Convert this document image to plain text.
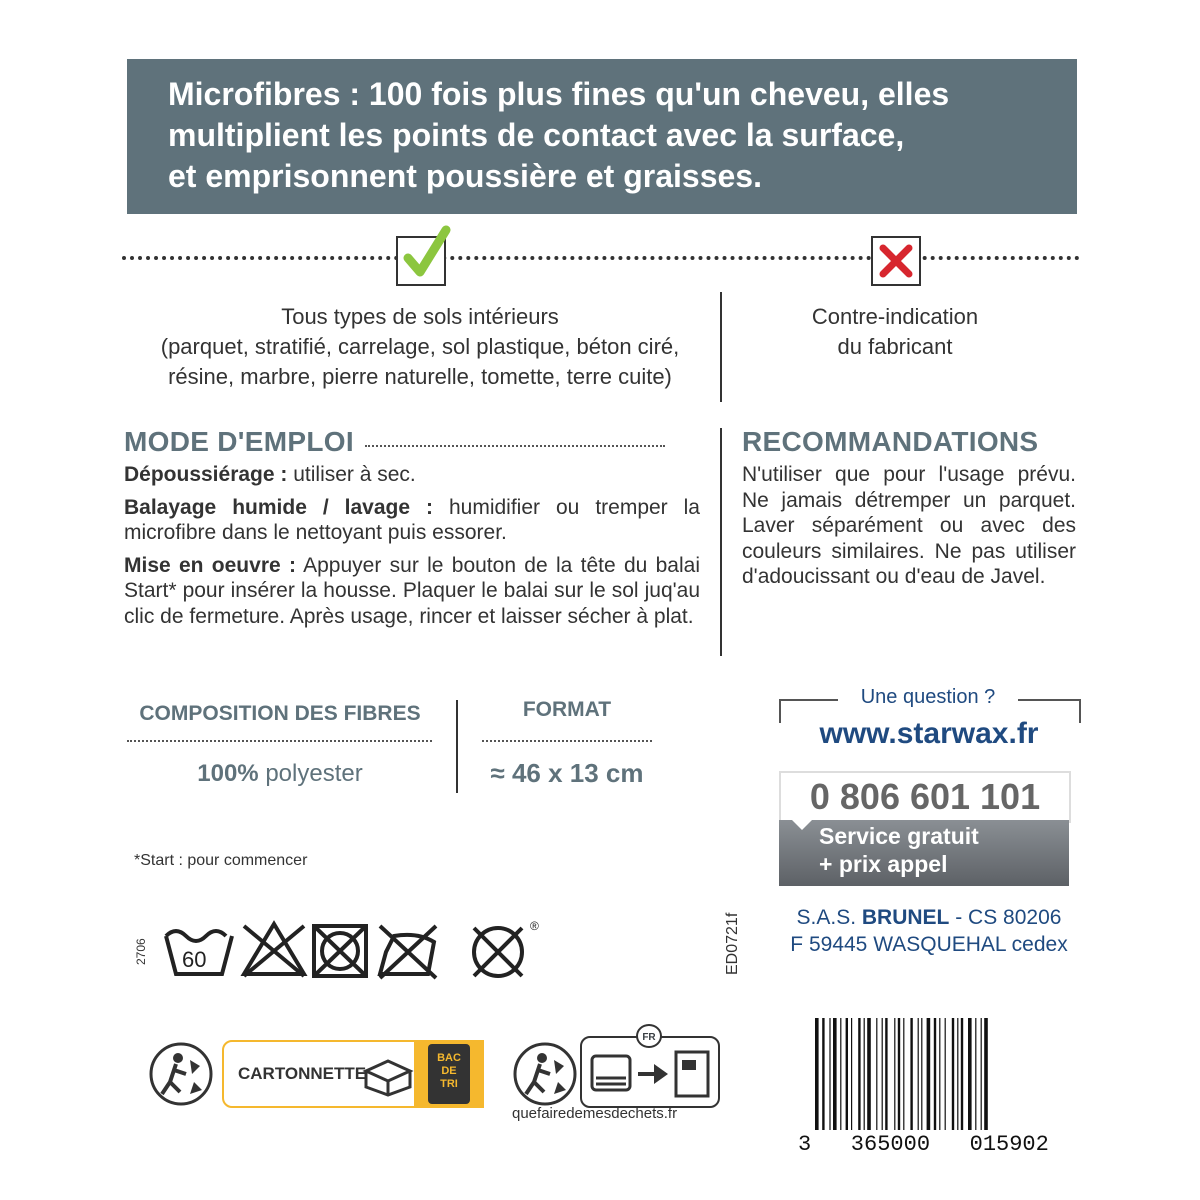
Microfibres : 100 fois plus fines qu'un cheveu, elles
multiplient les points de contact avec la surface,
et emprisonnent poussière et graisses.
Tous types de sols intérieurs
(parquet, stratifié, carrelage, sol plastique, béton ciré,
résine, marbre, pierre naturelle, tomette, terre cuite)
Contre-indication
du fabricant
MODE D'EMPLOI

Dépoussiérage : utiliser à sec.

Balayage humide / lavage : humidifier ou tremper la microfibre dans le nettoyant puis essorer.

Mise en oeuvre : Appuyer sur le bouton de la tête du balai Start* pour insérer la housse. Plaquer le balai sur le sol juq'au clic de fermeture. Après usage, rincer et laisser sécher à plat.

RECOMMANDATIONS
N'utiliser que pour l'usage prévu. Ne jamais détremper un parquet. Laver séparément ou avec des couleurs similaires. Ne pas utiliser d'adoucissant ou d'eau de Javel.
COMPOSITION DES FIBRES
100% polyester
FORMAT
≈ 46 x 13 cm
Une question ?
www.starwax.fr
0 806 601 101
Service gratuit
+ prix appel
S.A.S. BRUNEL - CS 80206
F 59445 WASQUEHAL cedex
*Start : pour commencer
2706 60
®	ED0721f
CARTONNETTE
BAC
DE
TRI
FR
quefairedemesdechets.fr
3   365000   015902
